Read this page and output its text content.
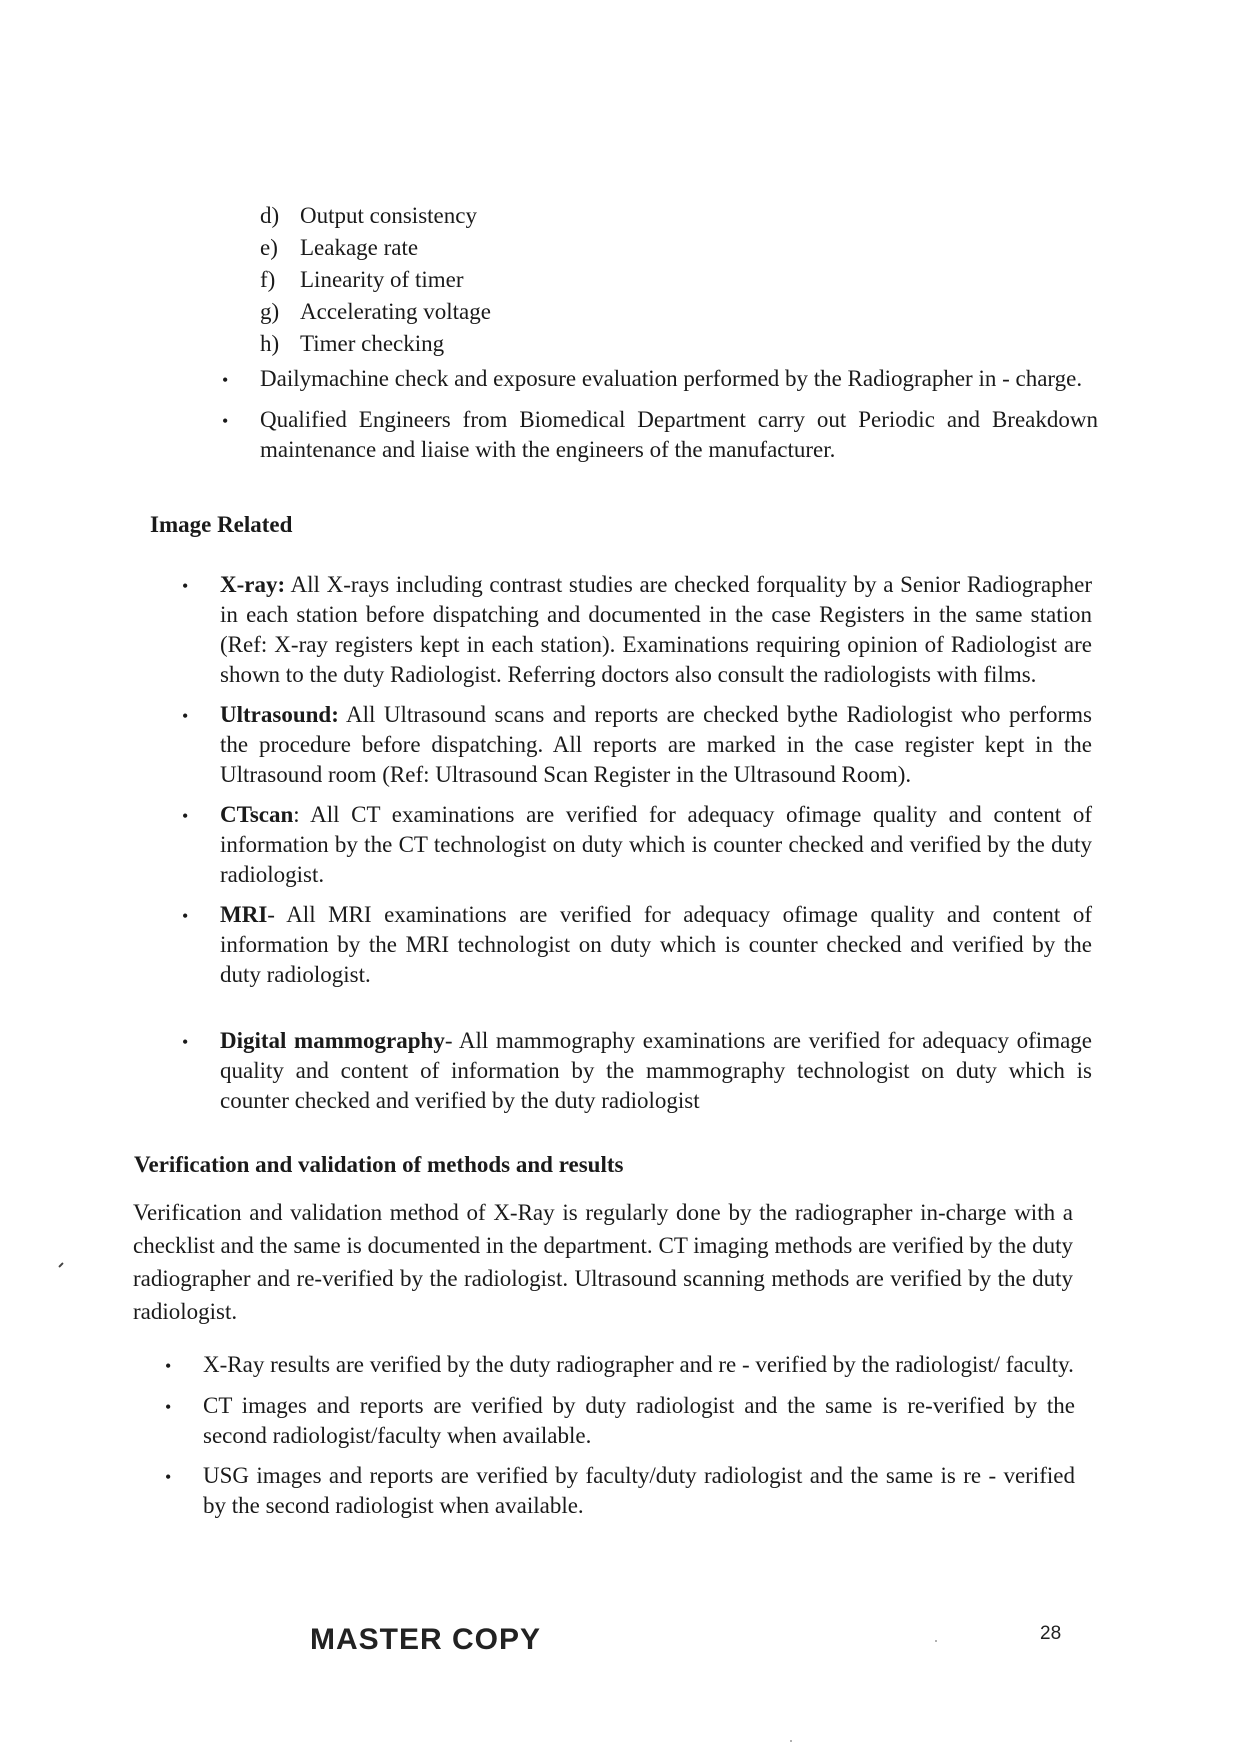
d) Output consistency
e) Leakage rate
f)	Linearity of timer
g) Accelerating voltage
h) Timer checking
•	Dailymachine check and exposure evaluation performed by the Radiographer in - charge.
•	Qualified Engineers from Biomedical Department carry out Periodic and Breakdown maintenance and liaise with the engineers of the manufacturer.
Image Related
•	X-ray: All X-rays including contrast studies are checked forquality by a Senior Radiographer in each station before dispatching and documented in the case Registers in the same station (Ref: X-ray registers kept in each station). Examinations requiring opinion of Radiologist are shown to the duty Radiologist. Referring doctors also consult the radiologists with films.
•	Ultrasound: All Ultrasound scans and reports are checked bythe Radiologist who performs the procedure before dispatching. All reports are marked in the case register kept in the Ultrasound room (Ref: Ultrasound Scan Register in the Ultrasound Room).
•	CTscan: All CT examinations are verified for adequacy ofimage quality and content of information by the CT technologist on duty which is counter checked and verified by the duty radiologist.
•	MRI- All MRI examinations are verified for adequacy ofimage quality and content of information by the MRI technologist on duty which is counter checked and verified by the duty radiologist.
•	Digital mammography- All mammography examinations are verified for adequacy ofimage quality and content of information by the mammography technologist on duty which is counter checked and verified by the duty radiologist
Verification and validation of methods and results
Verification and validation method of X-Ray is regularly done by the radiographer in-charge with a checklist and the same is documented in the department. CT imaging methods are verified by the duty radiographer and re-verified by the radiologist. Ultrasound scanning methods are verified by the duty radiologist.
•	X-Ray results are verified by the duty radiographer and re - verified by the radiologist/ faculty.
•	CT images and reports are verified by duty radiologist and the same is re-verified by the second radiologist/faculty when available.
•	USG images and reports are verified by faculty/duty radiologist and the same is re - verified by the second radiologist when available.
MASTER COPY	28
